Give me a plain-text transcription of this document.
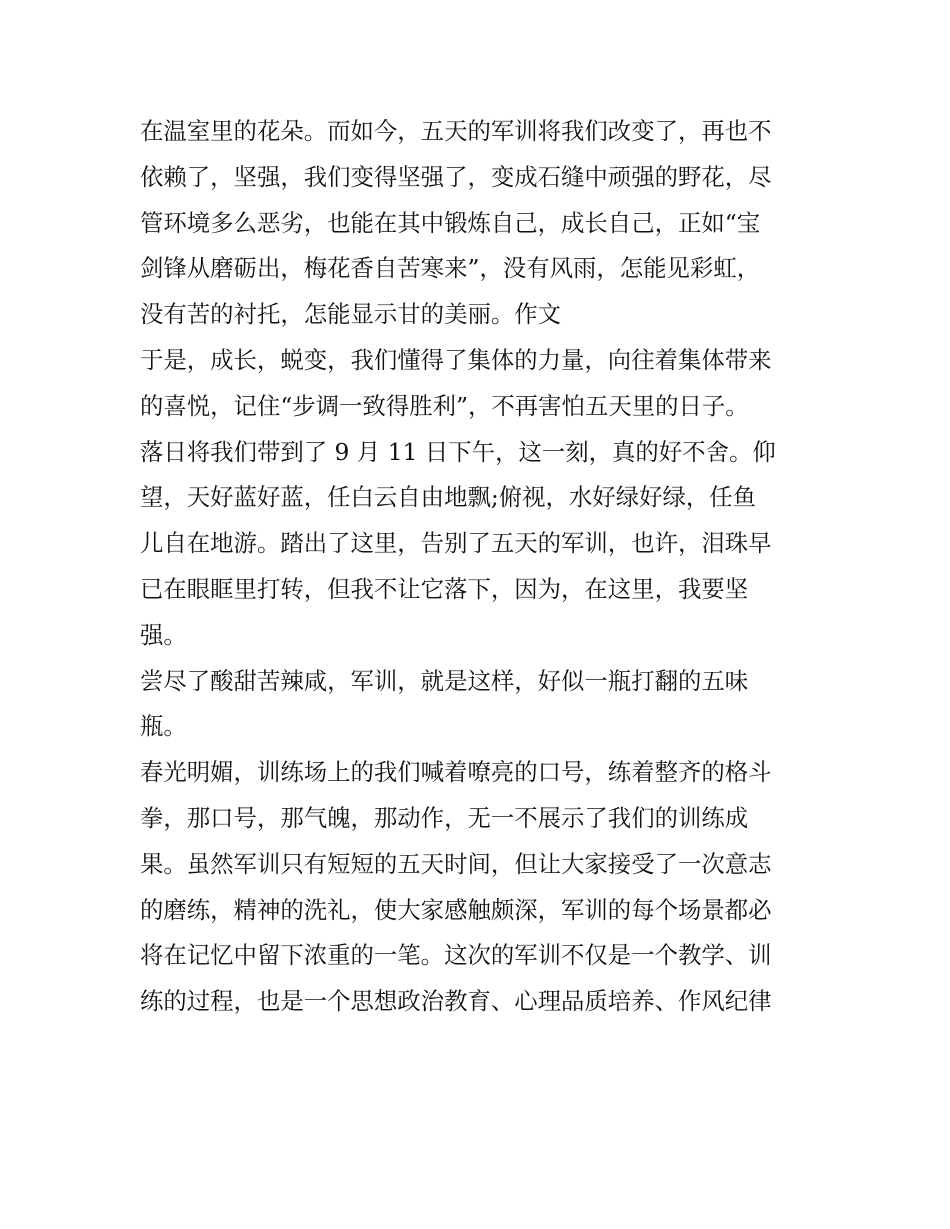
在温室里的花朵。而如今，五天的军训将我们改变了，再也不
依赖了，坚强，我们变得坚强了，变成石缝中顽强的野花，尽
管环境多么恶劣，也能在其中锻炼自己，成长自己，正如“宝
剑锋从磨砺出，梅花香自苦寒来”，没有风雨，怎能见彩虹，
没有苦的衬托，怎能显示甘的美丽。作文
于是，成长，蜕变，我们懂得了集体的力量，向往着集体带来
的喜悦，记住“步调一致得胜利”，不再害怕五天里的日子。
落日将我们带到了 9 月 11 日下午，这一刻，真的好不舍。仰
望，天好蓝好蓝，任白云自由地飘;俯视，水好绿好绿，任鱼
儿自在地游。踏出了这里，告别了五天的军训，也许，泪珠早
已在眼眶里打转，但我不让它落下，因为，在这里，我要坚
强。
尝尽了酸甜苦辣咸，军训，就是这样，好似一瓶打翻的五味
瓶。
春光明媚，训练场上的我们喊着嘹亮的口号，练着整齐的格斗
拳，那口号，那气魄，那动作，无一不展示了我们的训练成
果。虽然军训只有短短的五天时间，但让大家接受了一次意志
的磨练，精神的洗礼，使大家感触颇深，军训的每个场景都必
将在记忆中留下浓重的一笔。这次的军训不仅是一个教学、训
练的过程，也是一个思想政治教育、心理品质培养、作风纪律
